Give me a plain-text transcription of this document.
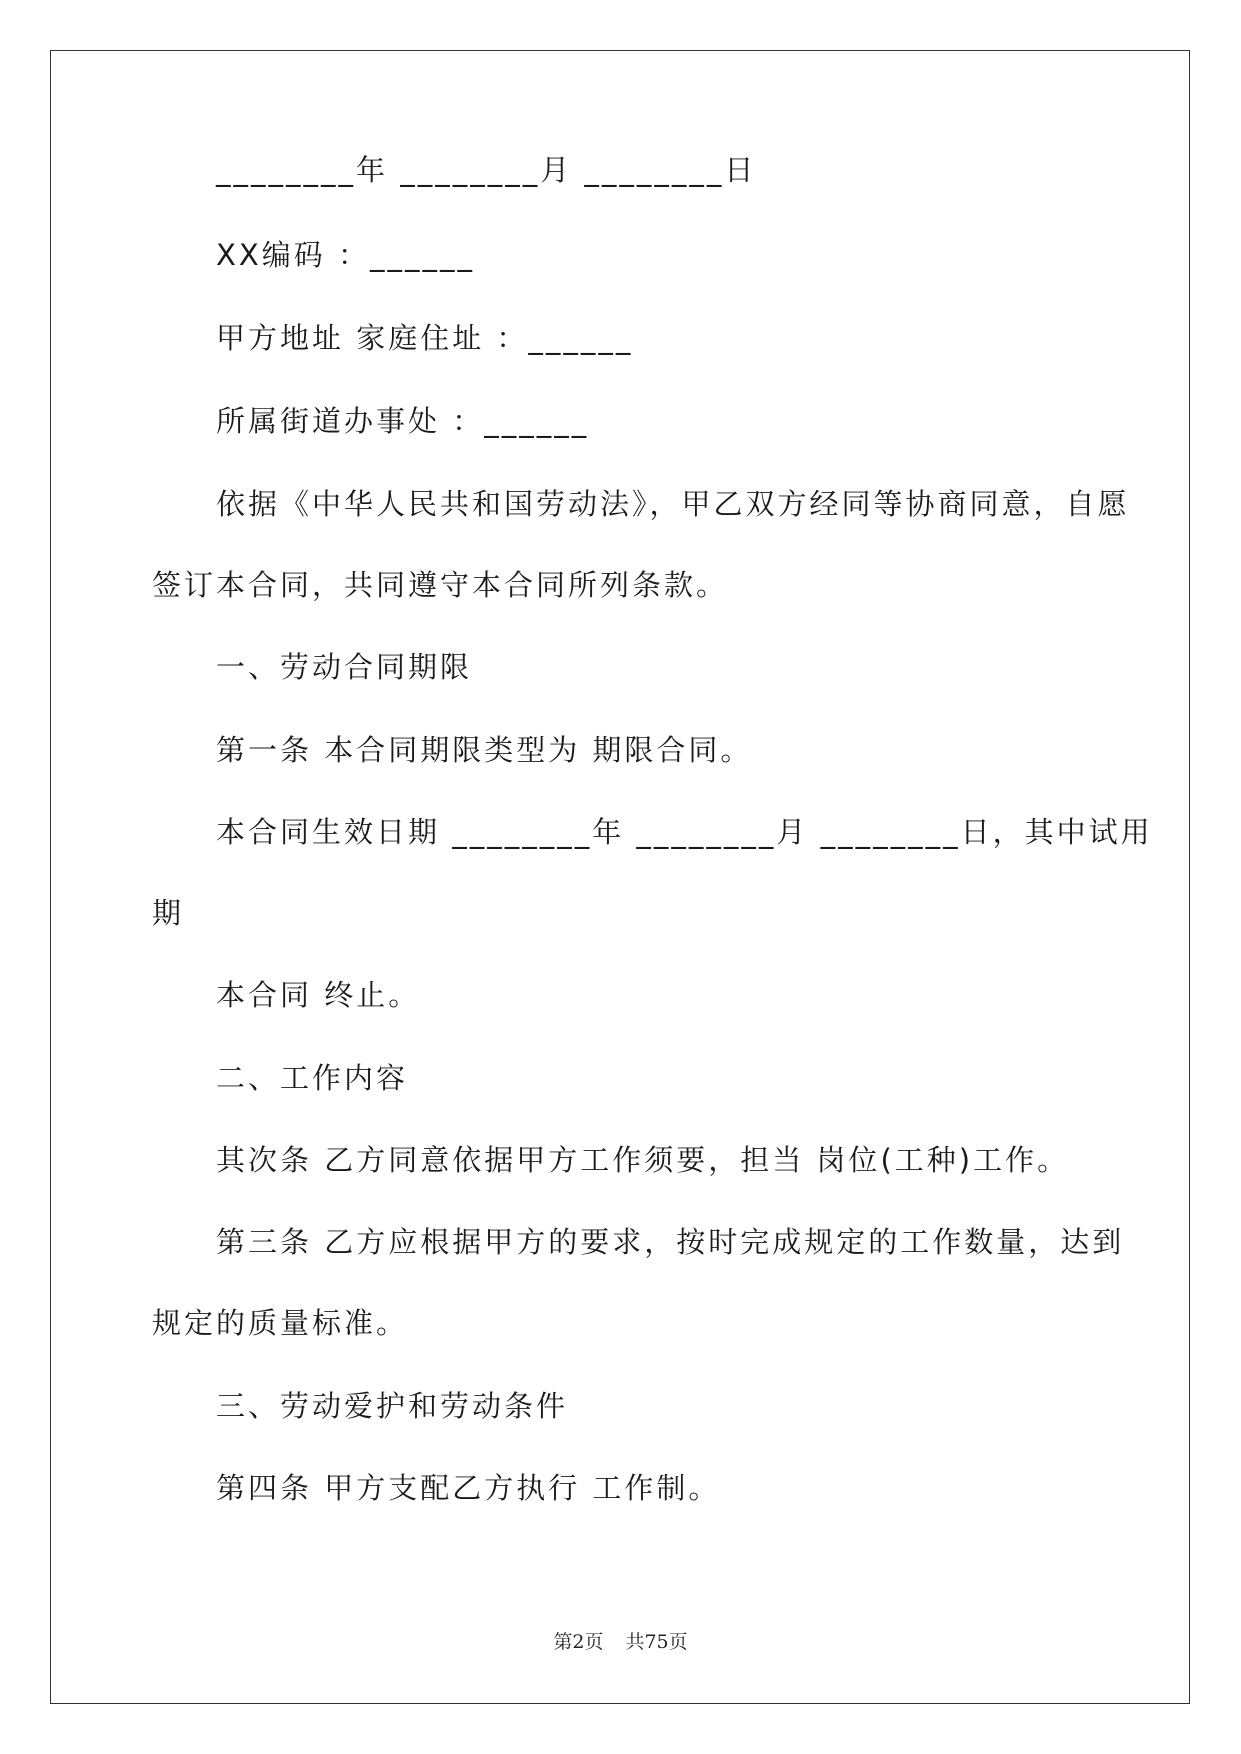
________年 ________月 ________日
XX编码 ：______
甲方地址 家庭住址 ：______
所属街道办事处 ：______
依据《中华人民共和国劳动法》，甲乙双方经同等协商同意，自愿
签订本合同，共同遵守本合同所列条款。
一、劳动合同期限
第一条 本合同期限类型为 期限合同。
本合同生效日期 ________年 ________月 ________日，其中试用
期
本合同 终止。
二、工作内容
其次条 乙方同意依据甲方工作须要，担当 岗位(工种)工作。
第三条 乙方应根据甲方的要求，按时完成规定的工作数量，达到
规定的质量标准。
三、劳动爱护和劳动条件
第四条 甲方支配乙方执行 工作制。
第2页 共75页
